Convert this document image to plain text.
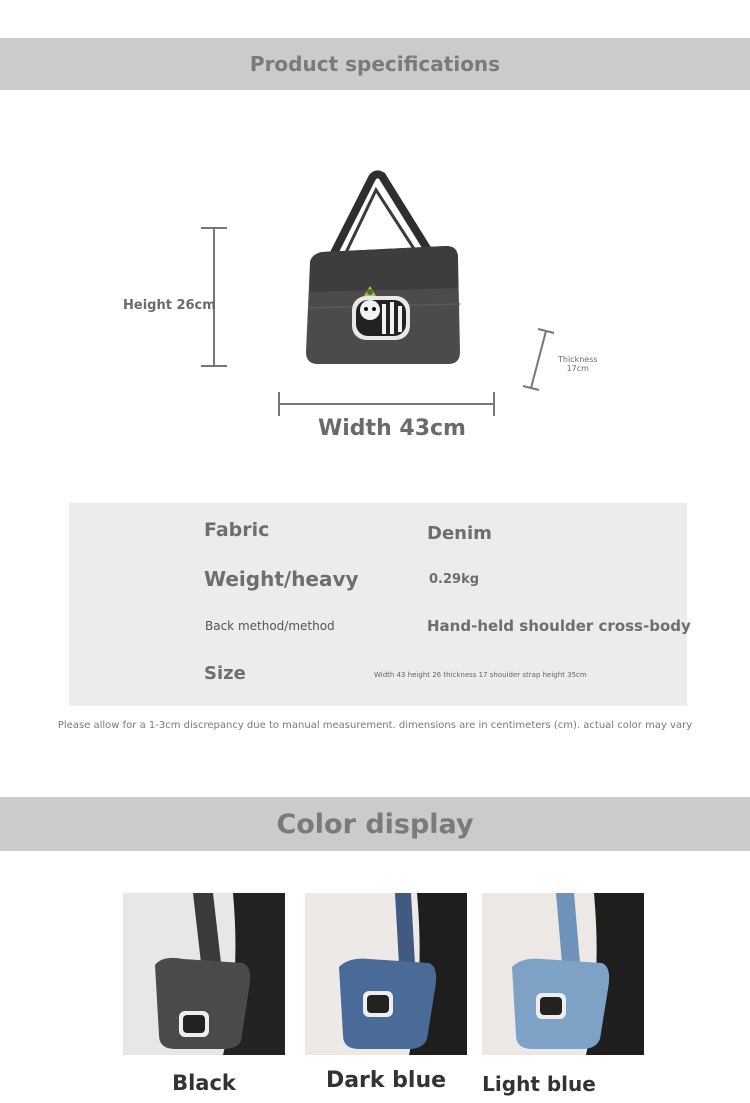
Product specifications
Height 26cm
Width 43cm
Thickness
17cm
Fabric	Denim
Weight/heavy	0.29kg
Back method/method	Hand-held shoulder cross-body
Size	Width 43 height 26 thickness 17 shoulder strap height 35cm
Please allow for a 1-3cm discrepancy due to manual measurement. dimensions are in centimeters (cm). actual color may vary
Color display
Black	Dark blue	Light blue
